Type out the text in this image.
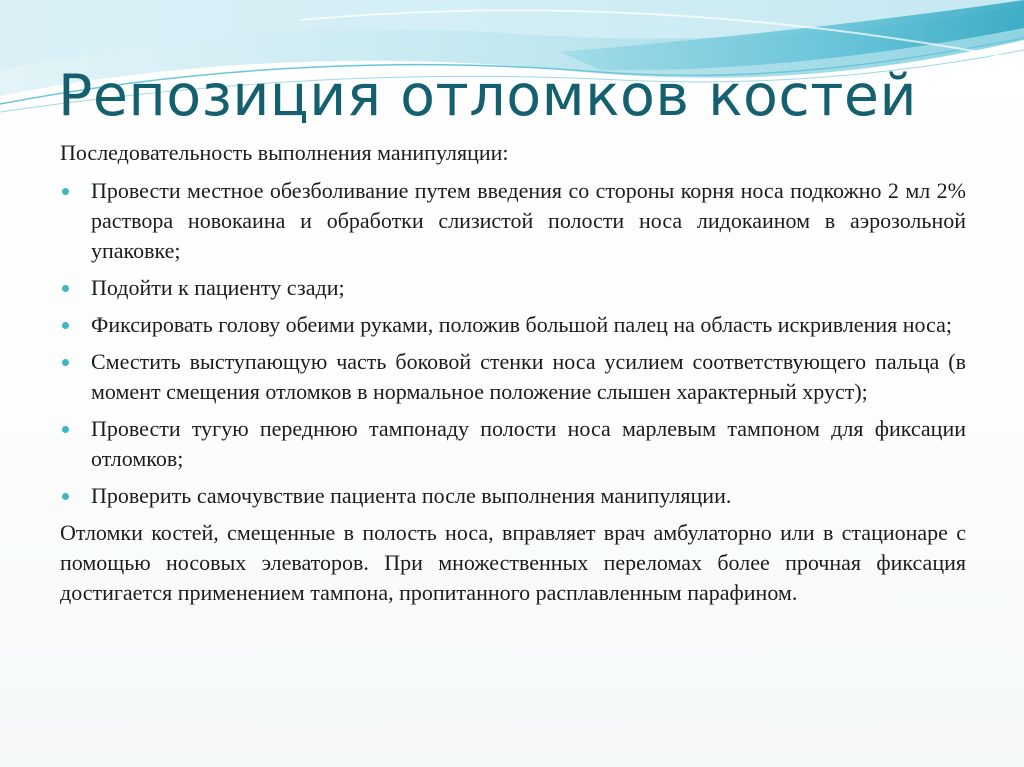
Репозиция отломков костей

Последовательность выполнения манипуляции:

Провести местное обезболивание путем введения со стороны корня носа подкожно 2 мл 2% раствора новокаина и обработки слизистой полости носа лидокаином в аэрозольной упаковке;
Подойти к пациенту сзади;
Фиксировать голову обеими руками, положив большой палец на область искривления носа;
Сместить выступающую часть боковой стенки носа усилием соответствующего пальца (в момент смещения отломков в нормальное положение слышен характерный хруст);
Провести тугую переднюю тампонаду полости носа марлевым тампоном для фиксации отломков;
Проверить самочувствие пациента после выполнения манипуляции.

Отломки костей, смещенные в полость носа, вправляет врач амбулаторно или в стационаре с помощью носовых элеваторов. При множественных переломах более прочная фиксация достигается применением тампона, пропитанного расплавленным парафином.
